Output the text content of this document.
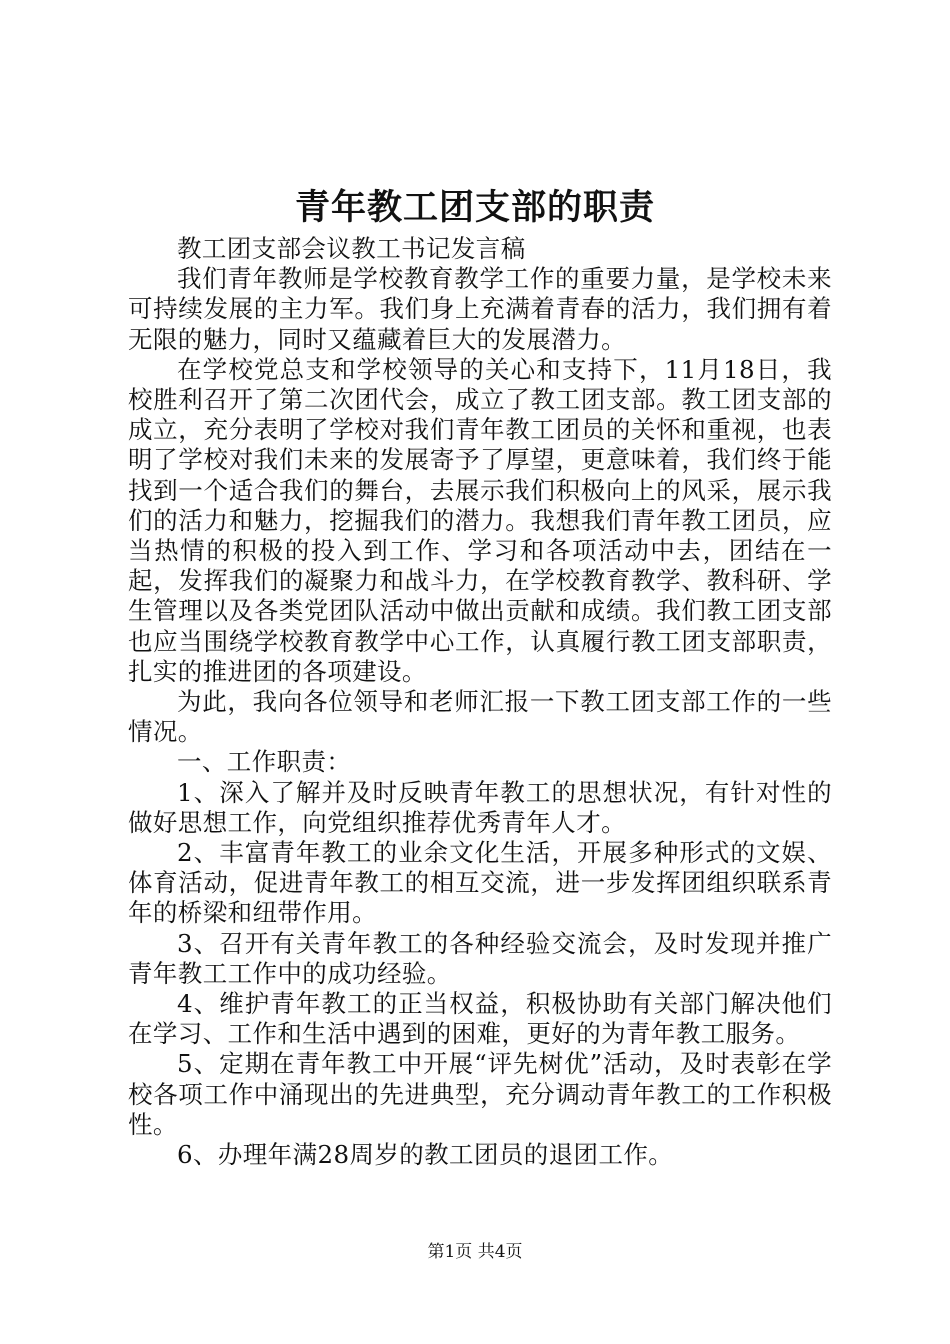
青年教工团支部的职责

教工团支部会议教工书记发言稿

我们青年教师是学校教育教学工作的重要力量，是学校未来可持续发展的主力军。我们身上充满着青春的活力，我们拥有着无限的魅力，同时又蕴藏着巨大的发展潜力。

在学校党总支和学校领导的关心和支持下，11月18日，我校胜利召开了第二次团代会，成立了教工团支部。教工团支部的成立，充分表明了学校对我们青年教工团员的关怀和重视，也表明了学校对我们未来的发展寄予了厚望，更意味着，我们终于能找到一个适合我们的舞台，去展示我们积极向上的风采，展示我们的活力和魅力，挖掘我们的潜力。我想我们青年教工团员，应当热情的积极的投入到工作、学习和各项活动中去，团结在一起，发挥我们的凝聚力和战斗力，在学校教育教学、教科研、学生管理以及各类党团队活动中做出贡献和成绩。我们教工团支部也应当围绕学校教育教学中心工作，认真履行教工团支部职责，扎实的推进团的各项建设。

为此，我向各位领导和老师汇报一下教工团支部工作的一些情况。

一、工作职责：

1、深入了解并及时反映青年教工的思想状况，有针对性的做好思想工作，向党组织推荐优秀青年人才。

2、丰富青年教工的业余文化生活，开展多种形式的文娱、体育活动，促进青年教工的相互交流，进一步发挥团组织联系青年的桥梁和纽带作用。

3、召开有关青年教工的各种经验交流会，及时发现并推广青年教工工作中的成功经验。

4、维护青年教工的正当权益，积极协助有关部门解决他们在学习、工作和生活中遇到的困难，更好的为青年教工服务。

5、定期在青年教工中开展“评先树优”活动，及时表彰在学校各项工作中涌现出的先进典型，充分调动青年教工的工作积极性。

6、办理年满28周岁的教工团员的退团工作。

第1页 共4页
